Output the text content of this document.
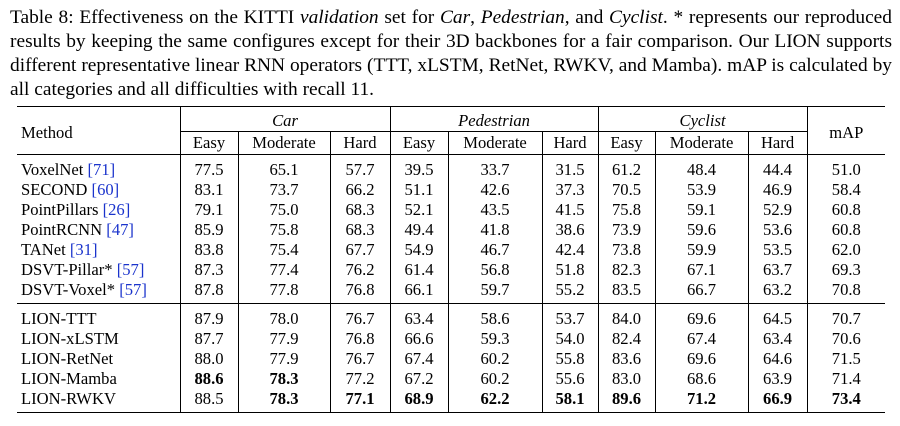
Table 8: Effectiveness on the KITTI validation set for Car, Pedestrian, and Cyclist. * represents our reproduced results by keeping the same configures except for their 3D backbones for a fair comparison. Our LION supports different representative linear RNN operators (TTT, xLSTM, RetNet, RWKV, and Mamba). mAP is calculated by all categories and all difficulties with recall 11.

Method	Car			Pedestrian			Cyclist			mAP
	Easy	Moderate	Hard	Easy	Moderate	Hard	Easy	Moderate	Hard	
VoxelNet [71]	77.5	65.1	57.7	39.5	33.7	31.5	61.2	48.4	44.4	51.0
SECOND [60]	83.1	73.7	66.2	51.1	42.6	37.3	70.5	53.9	46.9	58.4
PointPillars [26]	79.1	75.0	68.3	52.1	43.5	41.5	75.8	59.1	52.9	60.8
PointRCNN [47]	85.9	75.8	68.3	49.4	41.8	38.6	73.9	59.6	53.6	60.8
TANet [31]	83.8	75.4	67.7	54.9	46.7	42.4	73.8	59.9	53.5	62.0
DSVT-Pillar* [57]	87.3	77.4	76.2	61.4	56.8	51.8	82.3	67.1	63.7	69.3
DSVT-Voxel* [57]	87.8	77.8	76.8	66.1	59.7	55.2	83.5	66.7	63.2	70.8
LION-TTT	87.9	78.0	76.7	63.4	58.6	53.7	84.0	69.6	64.5	70.7
LION-xLSTM	87.7	77.9	76.8	66.6	59.3	54.0	82.4	67.4	63.4	70.6
LION-RetNet	88.0	77.9	76.7	67.4	60.2	55.8	83.6	69.6	64.6	71.5
LION-Mamba	88.6	78.3	77.2	67.2	60.2	55.6	83.0	68.6	63.9	71.4
LION-RWKV	88.5	78.3	77.1	68.9	62.2	58.1	89.6	71.2	66.9	73.4
